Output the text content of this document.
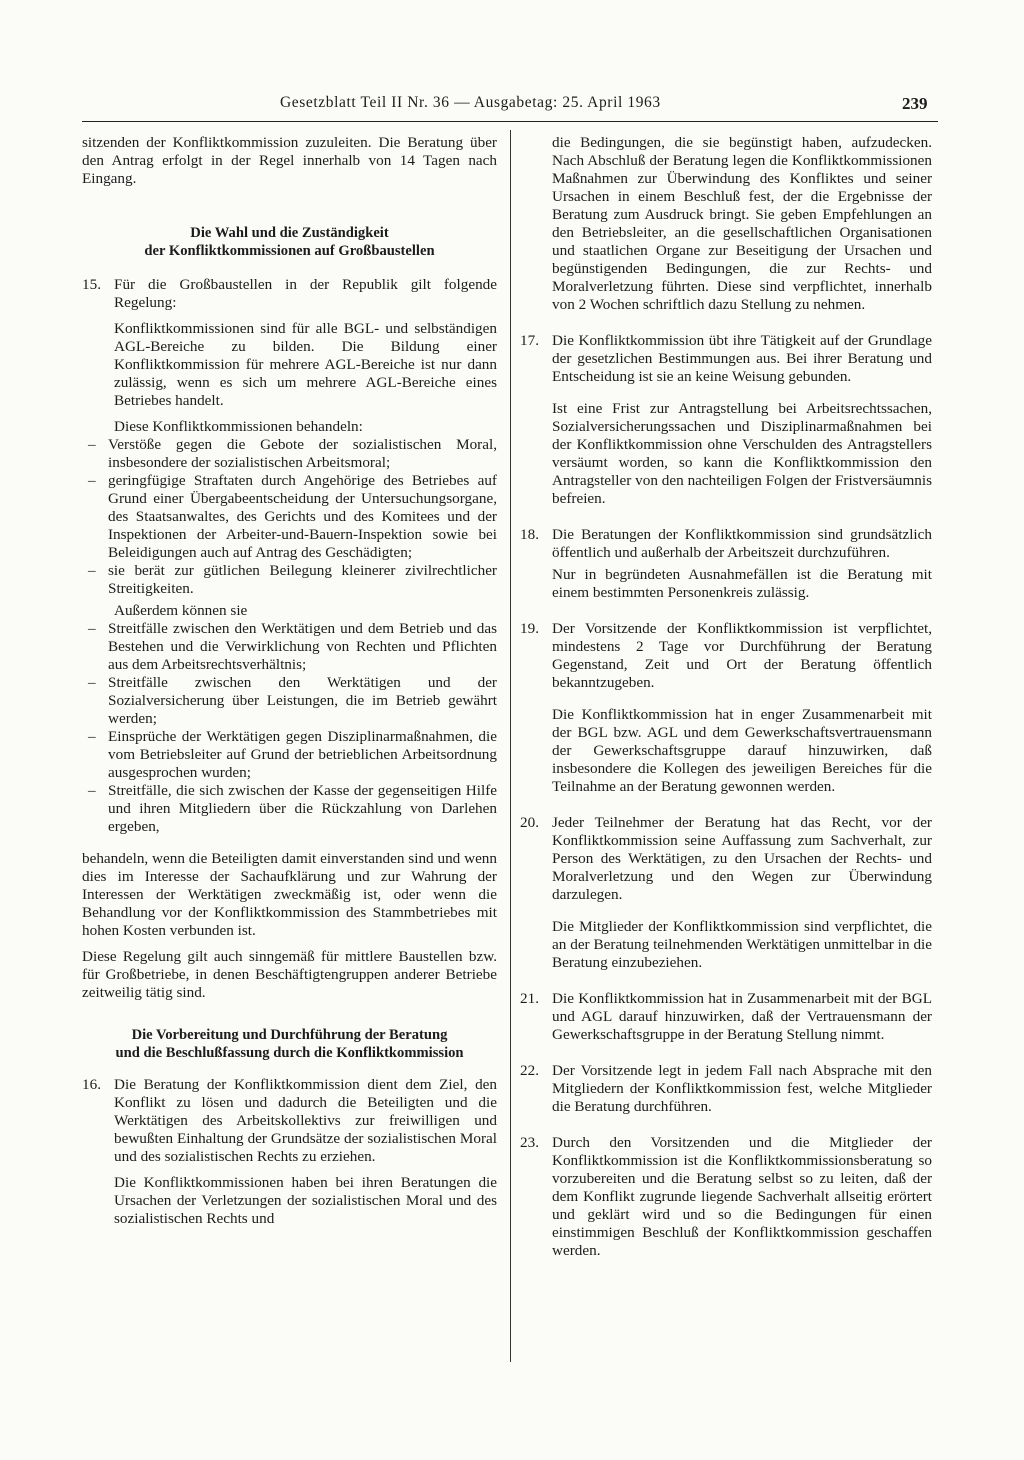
Gesetzblatt Teil II Nr. 36 — Ausgabetag: 25. April 1963	239

sitzenden der Konfliktkommission zuzuleiten. Die Beratung über den Antrag erfolgt in der Regel innerhalb von 14 Tagen nach Eingang.

Die Wahl und die Zuständigkeit
der Konfliktkommissionen auf Großbaustellen
15. Für die Großbaustellen in der Republik gilt folgende Regelung:

Konfliktkommissionen sind für alle BGL- und selbständigen AGL-Bereiche zu bilden. Die Bildung einer Konfliktkommission für mehrere AGL-Bereiche ist nur dann zulässig, wenn es sich um mehrere AGL-Bereiche eines Betriebes handelt.

Diese Konfliktkommissionen behandeln:

– Verstöße gegen die Gebote der sozialistischen Moral, insbesondere der sozialistischen Arbeitsmoral;

– geringfügige Straftaten durch Angehörige des Betriebes auf Grund einer Übergabeentscheidung der Untersuchungsorgane, des Staatsanwaltes, des Gerichts und des Komitees und der Inspektionen der Arbeiter-und-Bauern-Inspektion sowie bei Beleidigungen auch auf Antrag des Geschädigten;

– sie berät zur gütlichen Beilegung kleinerer zivilrechtlicher Streitigkeiten.

Außerdem können sie

– Streitfälle zwischen den Werktätigen und dem Betrieb und das Bestehen und die Verwirklichung von Rechten und Pflichten aus dem Arbeitsrechtsverhältnis;

– Streitfälle zwischen den Werktätigen und der Sozialversicherung über Leistungen, die im Betrieb gewährt werden;

– Einsprüche der Werktätigen gegen Disziplinarmaßnahmen, die vom Betriebsleiter auf Grund der betrieblichen Arbeitsordnung ausgesprochen wurden;

– Streitfälle, die sich zwischen der Kasse der gegenseitigen Hilfe und ihren Mitgliedern über die Rückzahlung von Darlehen ergeben,

behandeln, wenn die Beteiligten damit einverstanden sind und wenn dies im Interesse der Sachaufklärung und zur Wahrung der Interessen der Werktätigen zweckmäßig ist, oder wenn die Behandlung vor der Konfliktkommission des Stammbetriebes mit hohen Kosten verbunden ist.

Diese Regelung gilt auch sinngemäß für mittlere Baustellen bzw. für Großbetriebe, in denen Beschäftigtengruppen anderer Betriebe zeitweilig tätig sind.

Die Vorbereitung und Durchführung der Beratung
und die Beschlußfassung durch die Konfliktkommission
16. Die Beratung der Konfliktkommission dient dem Ziel, den Konflikt zu lösen und dadurch die Beteiligten und die Werktätigen des Arbeitskollektivs zur freiwilligen und bewußten Einhaltung der Grundsätze der sozialistischen Moral und des sozialistischen Rechts zu erziehen.

Die Konfliktkommissionen haben bei ihren Beratungen die Ursachen der Verletzungen der sozialistischen Moral und des sozialistischen Rechts und

die Bedingungen, die sie begünstigt haben, aufzudecken. Nach Abschluß der Beratung legen die Konfliktkommissionen Maßnahmen zur Überwindung des Konfliktes und seiner Ursachen in einem Beschluß fest, der die Ergebnisse der Beratung zum Ausdruck bringt. Sie geben Empfehlungen an den Betriebsleiter, an die gesellschaftlichen Organisationen und staatlichen Organe zur Beseitigung der Ursachen und begünstigenden Bedingungen, die zur Rechts- und Moralverletzung führten. Diese sind verpflichtet, innerhalb von 2 Wochen schriftlich dazu Stellung zu nehmen.

17. Die Konfliktkommission übt ihre Tätigkeit auf der Grundlage der gesetzlichen Bestimmungen aus. Bei ihrer Beratung und Entscheidung ist sie an keine Weisung gebunden.

Ist eine Frist zur Antragstellung bei Arbeitsrechtssachen, Sozialversicherungssachen und Disziplinarmaßnahmen bei der Konfliktkommission ohne Verschulden des Antragstellers versäumt worden, so kann die Konfliktkommission den Antragsteller von den nachteiligen Folgen der Fristversäumnis befreien.

18. Die Beratungen der Konfliktkommission sind grundsätzlich öffentlich und außerhalb der Arbeitszeit durchzuführen.

Nur in begründeten Ausnahmefällen ist die Beratung mit einem bestimmten Personenkreis zulässig.

19. Der Vorsitzende der Konfliktkommission ist verpflichtet, mindestens 2 Tage vor Durchführung der Beratung Gegenstand, Zeit und Ort der Beratung öffentlich bekanntzugeben.

Die Konfliktkommission hat in enger Zusammenarbeit mit der BGL bzw. AGL und dem Gewerkschaftsvertrauensmann der Gewerkschaftsgruppe darauf hinzuwirken, daß insbesondere die Kollegen des jeweiligen Bereiches für die Teilnahme an der Beratung gewonnen werden.

20. Jeder Teilnehmer der Beratung hat das Recht, vor der Konfliktkommission seine Auffassung zum Sachverhalt, zur Person des Werktätigen, zu den Ursachen der Rechts- und Moralverletzung und den Wegen zur Überwindung darzulegen.

Die Mitglieder der Konfliktkommission sind verpflichtet, die an der Beratung teilnehmenden Werktätigen unmittelbar in die Beratung einzubeziehen.

21. Die Konfliktkommission hat in Zusammenarbeit mit der BGL und AGL darauf hinzuwirken, daß der Vertrauensmann der Gewerkschaftsgruppe in der Beratung Stellung nimmt.

22. Der Vorsitzende legt in jedem Fall nach Absprache mit den Mitgliedern der Konfliktkommission fest, welche Mitglieder die Beratung durchführen.

23. Durch den Vorsitzenden und die Mitglieder der Konfliktkommission ist die Konfliktkommissionsberatung so vorzubereiten und die Beratung selbst so zu leiten, daß der dem Konflikt zugrunde liegende Sachverhalt allseitig erörtert und geklärt wird und so die Bedingungen für einen einstimmigen Beschluß der Konfliktkommission geschaffen werden.
